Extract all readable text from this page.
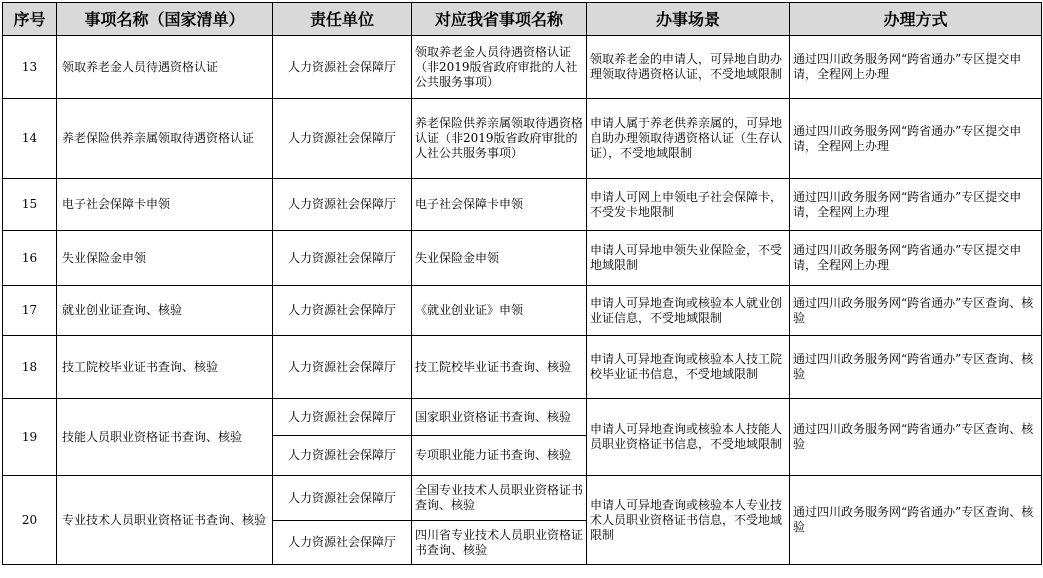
序号	事项名称（国家清单）	责任单位	对应我省事项名称	办事场景	办理方式
13	领取养老金人员待遇资格认证	人力资源社会保障厅	领取养老金人员待遇资格认证（非2019版省政府审批的人社公共服务事项）	领取养老金的申请人，可异地自助办理领取待遇资格认证，不受地域限制	通过四川政务服务网“跨省通办”专区提交申请，全程网上办理
14	养老保险供养亲属领取待遇资格认证	人力资源社会保障厅	养老保险供养亲属领取待遇资格认证（非2019版省政府审批的人社公共服务事项）	申请人属于养老供养亲属的，可异地自助办理领取待遇资格认证（生存认证），不受地域限制	通过四川政务服务网“跨省通办”专区提交申请，全程网上办理
15	电子社会保障卡申领	人力资源社会保障厅	电子社会保障卡申领	申请人可网上申领电子社会保障卡，不受发卡地限制	通过四川政务服务网“跨省通办”专区提交申请，全程网上办理
16	失业保险金申领	人力资源社会保障厅	失业保险金申领	申请人可异地申领失业保险金，不受地域限制	通过四川政务服务网“跨省通办”专区提交申请，全程网上办理
17	就业创业证查询、核验	人力资源社会保障厅	《就业创业证》申领	申请人可异地查询或核验本人就业创业证信息，不受地域限制	通过四川政务服务网“跨省通办”专区查询、核验
18	技工院校毕业证书查询、核验	人力资源社会保障厅	技工院校毕业证书查询、核验	申请人可异地查询或核验本人技工院校毕业证书信息，不受地域限制	通过四川政务服务网“跨省通办”专区查询、核验
19	技能人员职业资格证书查询、核验	人力资源社会保障厅	国家职业资格证书查询、核验	申请人可异地查询或核验本人技能人员职业资格证书信息，不受地域限制	通过四川政务服务网“跨省通办”专区查询、核验
		人力资源社会保障厅	专项职业能力证书查询、核验		
20	专业技术人员职业资格证书查询、核验	人力资源社会保障厅	全国专业技术人员职业资格证书查询、核验	申请人可异地查询或核验本人专业技术人员职业资格证书信息，不受地域限制	通过四川政务服务网“跨省通办”专区查询、核验
		人力资源社会保障厅	四川省专业技术人员职业资格证书查询、核验		
